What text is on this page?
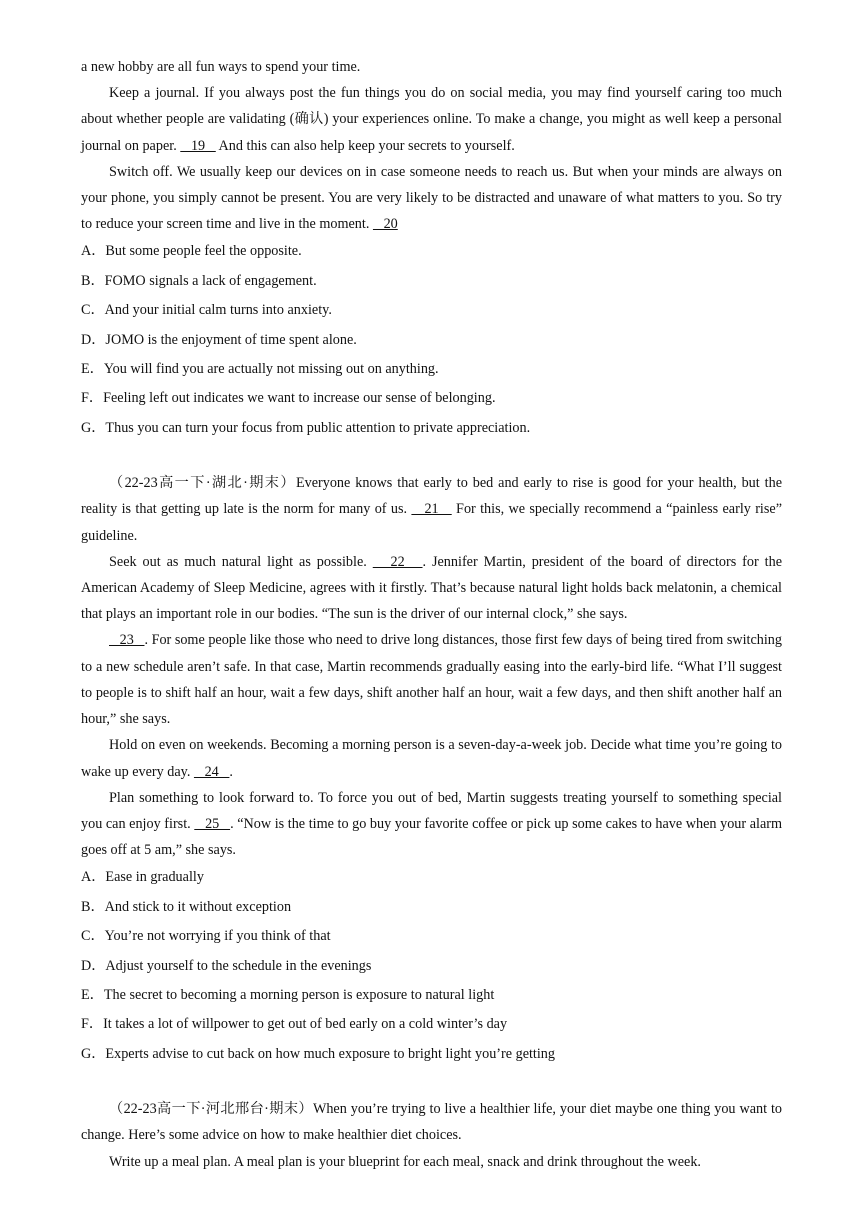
a new hobby are all fun ways to spend your time.

Keep a journal. If you always post the fun things you do on social media, you may find yourself caring too much about whether people are validating (确认) your experiences online. To make a change, you might as well keep a personal journal on paper.    19    And this can also help keep your secrets to yourself.

Switch off. We usually keep our devices on in case someone needs to reach us. But when your minds are always on your phone, you simply cannot be present. You are very likely to be distracted and unaware of what matters to you. So try to reduce your screen time and live in the moment.    20

A．But some people feel the opposite.

B．FOMO signals a lack of engagement.

C．And your initial calm turns into anxiety.

D．JOMO is the enjoyment of time spent alone.

E．You will find you are actually not missing out on anything.

F．Feeling left out indicates we want to increase our sense of belonging.

G．Thus you can turn your focus from public attention to private appreciation.

（22-23高一下·湖北·期末）Everyone knows that early to bed and early to rise is good for your health, but the reality is that getting up late is the norm for many of us.    21    For this, we specially recommend a “painless early rise” guideline.

Seek out as much natural light as possible.    22   . Jennifer Martin, president of the board of directors for the American Academy of Sleep Medicine, agrees with it firstly. That’s because natural light holds back melatonin, a chemical that plays an important role in our bodies. “The sun is the driver of our internal clock,” she says.

23   . For some people like those who need to drive long distances, those first few days of being tired from switching to a new schedule aren’t safe. In that case, Martin recommends gradually easing into the early-bird life. “What I’ll suggest to people is to shift half an hour, wait a few days, shift another half an hour, wait a few days, and then shift another half an hour,” she says.

Hold on even on weekends. Becoming a morning person is a seven-day-a-week job. Decide what time you’re going to wake up every day.    24   .

Plan something to look forward to. To force you out of bed, Martin suggests treating yourself to something special you can enjoy first.    25   . “Now is the time to go buy your favorite coffee or pick up some cakes to have when your alarm goes off at 5 am,” she says.

A．Ease in gradually

B．And stick to it without exception

C．You’re not worrying if you think of that

D．Adjust yourself to the schedule in the evenings

E．The secret to becoming a morning person is exposure to natural light

F．It takes a lot of willpower to get out of bed early on a cold winter’s day

G．Experts advise to cut back on how much exposure to bright light you’re getting

（22-23高一下·河北邢台·期末）When you’re trying to live a healthier life, your diet maybe one thing you want to change. Here’s some advice on how to make healthier diet choices.

Write up a meal plan. A meal plan is your blueprint for each meal, snack and drink throughout the week.
